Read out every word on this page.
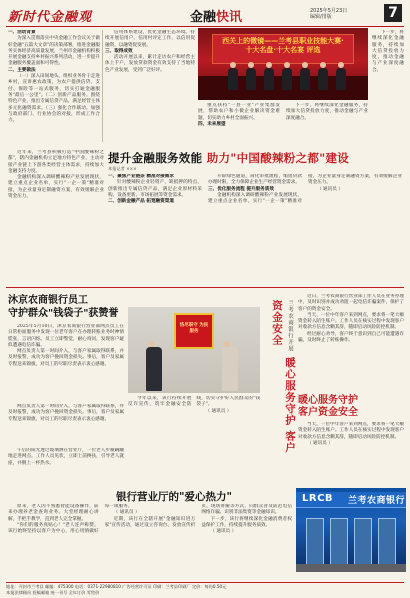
新时代金融观	金融快讯	2025年5月23日
编辑/排版	7

一、活动背景

为深入贯彻落实中央金融工作会议关于做好金融"五篇大文章"的决策部署，推进金融服务实体经济高质量发展，兰州市金融机构积极开展金融支持乡村振兴系列活动，进一步提升金融服务覆盖面和可得性。

二、主要做法

（一）深入田间地头。组织业务骨干走进乡村，宣讲惠农政策，为农户提供信贷、支付、保险等一站式服务，切实打通金融服务"最后一公里"。（二）创新产品服务。围绕特色产业，推出专属信贷产品，满足经营主体多元化融资需求。（三）强化合作联动。加强与政府部门、行业协会的对接，形成工作合力。

信用体系建设，优化金融生态环境。持续开展信用户、信用村评定工作，以信用促融资，以融资促发展。

三、取得成效

活动开展以来，累计走访农户和经营主体上千户，发放贷款资金有效支持了当地特色产业发展，受到广泛好评。

西关上的微镜——兰考县职业技能大赛·十大名盘·十大名宴 评选

重点扶持"一县一业"产业集群发展，帮助农户和小微企业解决资金难题，切实助力乡村全面振兴。

四、未来展望

下一步，将继续深化金融服务，持续加大信贷投放力度，推动金融与产业深度融合。

下一步，将继续深化金融服务，持续加大信贷投放力度，推动金融与产业深度融合。

提升金融服务效能 助力"中国酸辣粉之都"建设
本报记者 ×××

近年来，兰考县积极打造"中国酸辣粉之都"，辖内金融机构立足地方特色产业，主动对接产业链上下游各类经营主体需求，持续加大金融支持力度。

金融机构深入调研酸辣粉产业发展现状，建立重点企业名单，实行"一企一策"精准对接，为企业量身定制融资方案，有效缓解企业资金压力。

一、聚焦产业链条 精准对接需求

针对酸辣粉企业轻资产、缺抵押的特点，创新推出专属信贷产品，满足企业原材料采购、设备更新、市场拓展等资金需求。

二、创新金融产品 拓宽融资渠道

开辟绿色通道，简化审批流程，缩短贷款办理时限，全力保障企业生产经营资金需求。

三、优化服务流程 提升服务质效

金融机构深入调研酸辣粉产业发展现状，建立重点企业名单，实行"一企一策"精准对接，为企业量身定制融资方案，有效缓解企业资金压力。

（ 通讯员 ）

沐京农商银行员工
守护群众"钱袋子"获赞誉

2025年5月10日，沐京农商银行营业部网点员工在日常柜面服务中发现一位老年客户在办理转账业务时神情慌张，言语闪烁。员工立即警觉，耐心询问，发现客户疑似遭遇电信诈骗。

网点负责人第一时间介入，与客户家属取得联系，并及时报警，成功为客户挽回资金损失。事后，客户及家属专程送来锦旗，对员工的尽职尽责表示衷心感谢。

恪尽职守 为民服务

今年以来，该行持续开展反诈宣传，筑牢金融安全防线，切实守护好人民群众的"钱袋子"。

（ 通讯员 ）

网点负责人第一时间介入，与客户家属取得联系，并及时报警，成功为客户挽回资金损失。事后，客户及家属专程送来锦旗，对员工的尽职尽责表示衷心感谢。

兰考农商银行开展 暖心服务守护 客户资金安全

近日，兰考农商银行营业部工作人员在业务办理中，及时识别并成功劝阻一起电信诈骗案件，保护了客户的资金安全。

当天，一位中年客户来到网点，要求将一笔大额资金转入陌生账户。工作人员在核实过程中发现客户对收款方信息含糊其辞，随即启动风险防控机制。

经过耐心劝导，客户终于意识到自己可能遭遇诈骗，及时终止了转账操作。

暖心服务守护
客户资金安全

当天，一位中年客户来到网点，要求将一笔大额资金转入陌生账户。工作人员在核实过程中发现客户对收款方信息含糊其辞，随即启动风险防控机制。

（ 通讯员 ）

午后的阳光透过玻璃洒在营业厅，一位老人步履蹒跚地走进网点。工作人员见状，立即上前搀扶，引导老人就座，并倒上一杯热水。

银行营业厅的"爱心热力"

原来，老人因不熟悉智能设备操作，前来办理养老金查询业务。大堂经理耐心讲解，手把手教学，直到老人完全掌握。

"你们的服务真贴心！"老人连声称赞。该行始终坚持以客户为中心，用心用情做好每一项服务。

（ 通讯员 ）

近期，该行在全辖开展"金融知识进万家"宣传活动，通过设立咨询台、发放宣传折页、现场讲解等方式，向群众普及防范电信网络诈骗、识别非法集资等金融知识。

下一步，该行将继续深化金融消费者权益保护工作，持续提升服务质效。

（ 通讯员 ）

LRCB 兰考农商银行
地址：开封市兰考县 邮编：475300 电话：0371-22980810 广告经营许可证 印刷：兰考县印刷厂 定价：每份0.50元
本报法律顾问 投稿邮箱 统一刊号 全年订价 零售价
